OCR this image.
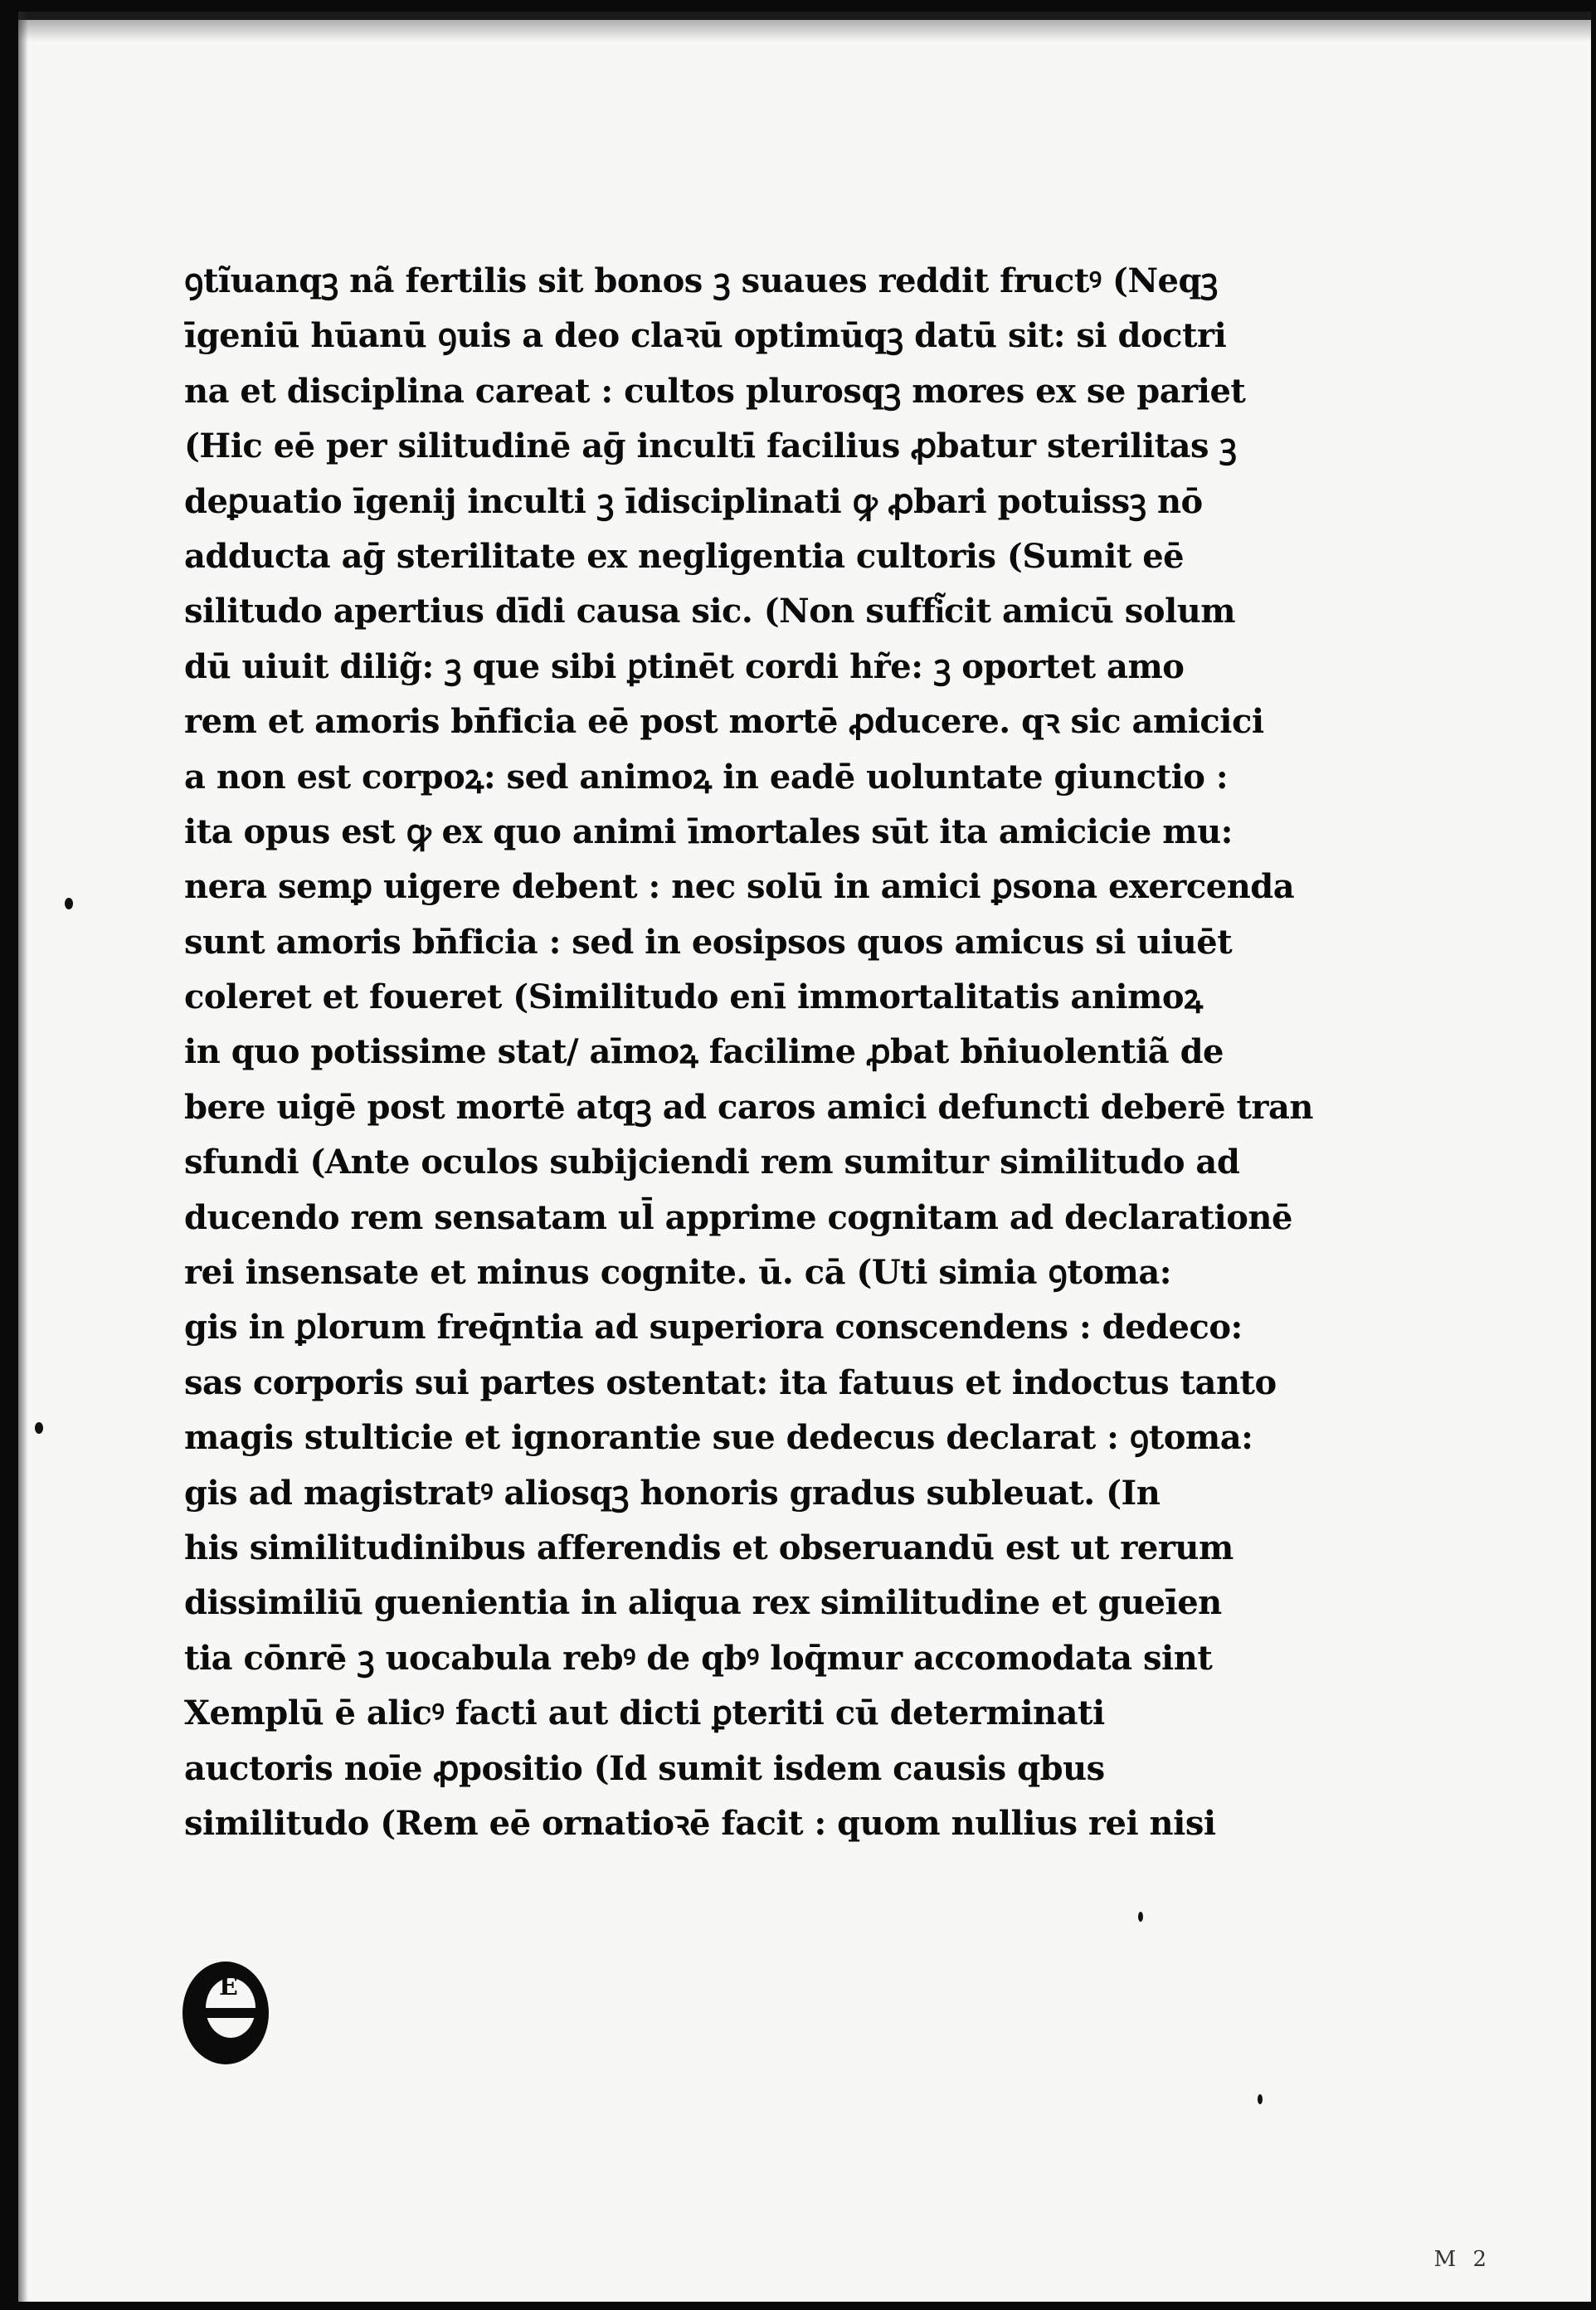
ꝯtĩuanqꝫ nã fertilis sit bonos ꝫ suaues reddit fructꝰ (Neqꝫ
īgeniū hūanū ꝯuis a deo claꝛū optimūqꝫ datū sit: si doctri
na et disciplina careat : cultos plurosqꝫ mores ex se pariet
(Hic eē per silitudinē aḡ incultī facilius ꝓbatur sterilitas ꝫ
deꝑuatio īgenij inculti ꝫ īdisciplinati ꝙ ꝓbari potuissꝫ nō
adducta aḡ sterilitate ex negligentia cultoris (Sumit eē
silitudo apertius dīdi causa sic. (Non suffi͂cit amicū solum
dū uiuit dilig̃: ꝫ que sibi ꝑtinēt cordi hr̃e: ꝫ oportet amo
rem et amoris bn̄ficia eē post mortē ꝓducere. qꝛ sic amicici
a non est corpoꝝ: sed animoꝝ in eadē uoluntate giunctio :
ita opus est ꝙ ex quo animi īmortales sūt ita amicicie mu:
nera semꝑ uigere debent : nec solū in amici ꝑsona exercenda
sunt amoris bn̄ficia : sed in eosipsos quos amicus si uiuēt
coleret et foueret (Similitudo enī immortalitatis animoꝝ
in quo potissime stat/ aīmoꝝ facilime ꝓbat bn̄iuolentiã de
bere uigē post mortē atqꝫ ad caros amici defuncti deberē tran
sfundi (Ante oculos subijciendi rem sumitur similitudo ad
ducendo rem sensatam ul̄ apprime cognitam ad declarationē
rei insensate et minus cognite. ū. cā (Uti simia ꝯtoma:
gis in ꝑlorum freq̄ntia ad superiora conscendens : dedeco:
sas corporis sui partes ostentat: ita fatuus et indoctus tanto
magis stulticie et ignorantie sue dedecus declarat : ꝯtoma:
gis ad magistratꝰ aliosqꝫ honoris gradus subleuat. (In
his similitudinibus afferendis et obseruandū est ut rerum
dissimiliū guenientia in aliqua rex similitudine et gueīen
tia cōnrē ꝫ uocabula rebꝰ de qbꝰ loq̄mur accomodata sint
Xemplū ē alicꝰ facti aut dicti ꝑteriti cū determinati
auctoris noīe ꝓpositio (Id sumit isdem causis qbus
similitudo (Rem eē ornatioꝛē facit : quom nullius rei nisi
E
M 2
